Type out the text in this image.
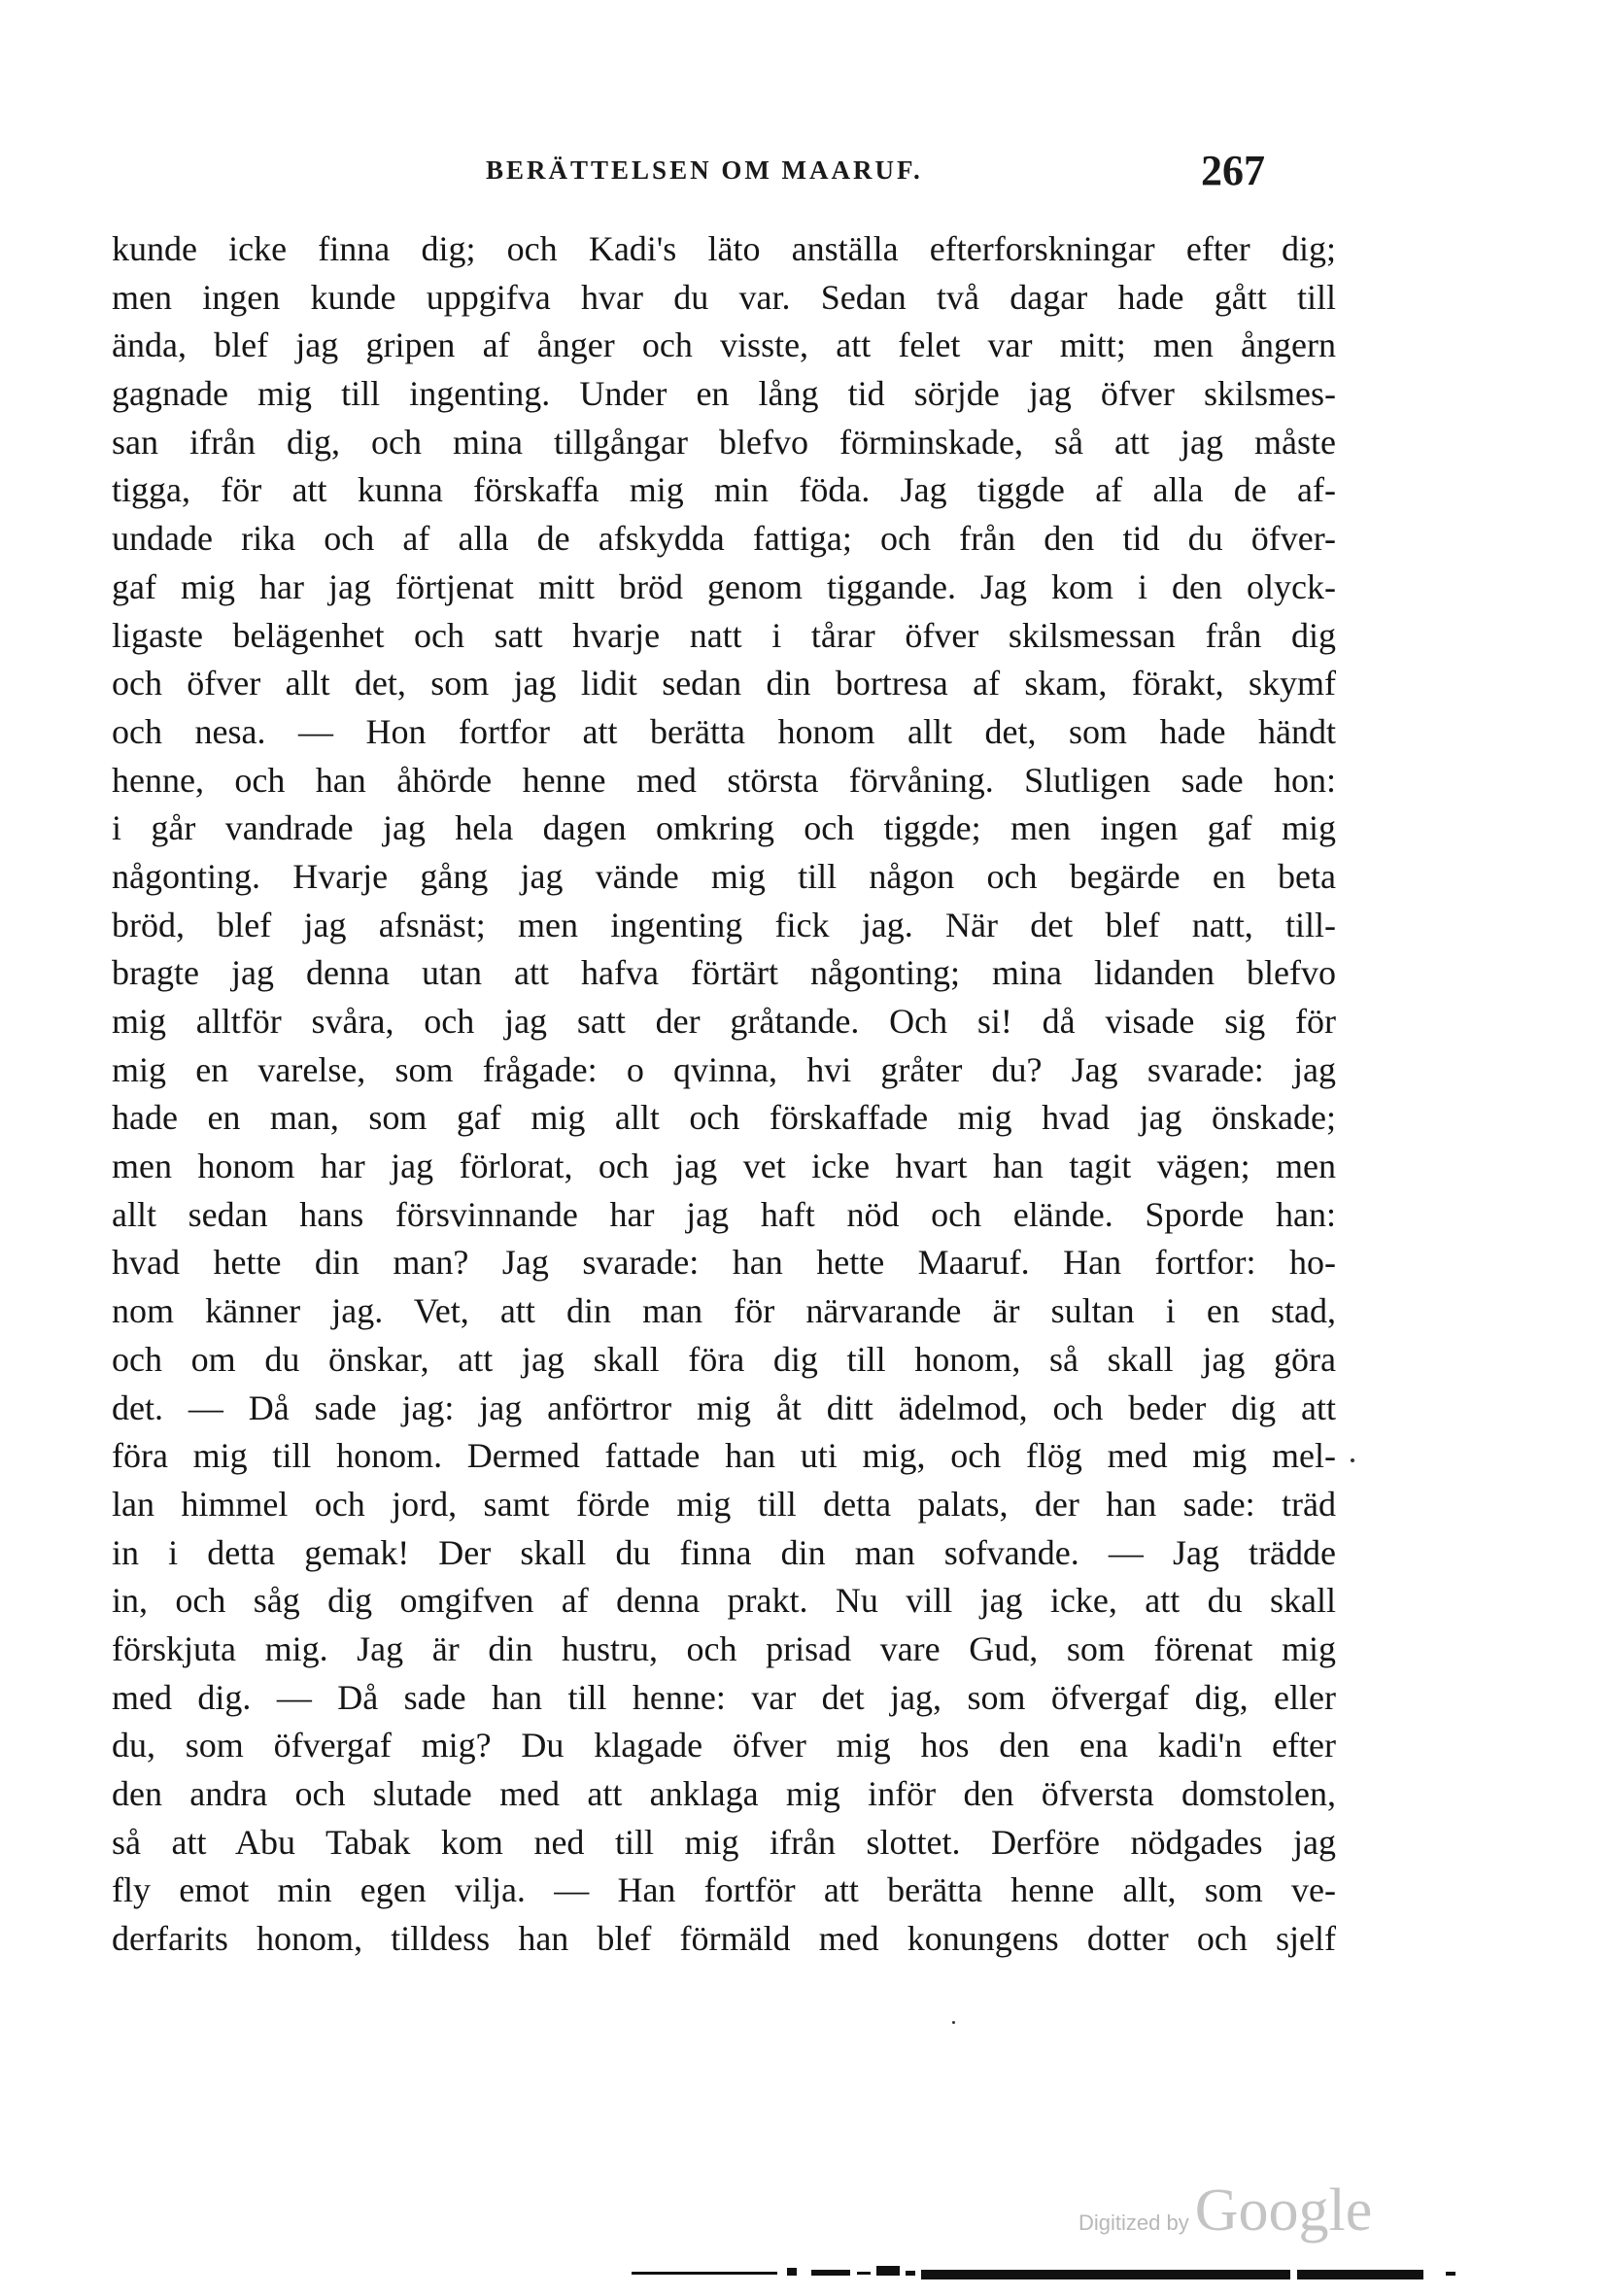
BERÄTTELSEN OM MAARUF.	267
kunde icke finna dig; och Kadi's läto anställa efterforskningar efter dig;
men ingen kunde uppgifva hvar du var. Sedan två dagar hade gått till
ända, blef jag gripen af ånger och visste, att felet var mitt; men ångern
gagnade mig till ingenting. Under en lång tid sörjde jag öfver skilsmes-
san ifrån dig, och mina tillgångar blefvo förminskade, så att jag måste
tigga, för att kunna förskaffa mig min föda. Jag tiggde af alla de af-
undade rika och af alla de afskydda fattiga; och från den tid du öfver-
gaf mig har jag förtjenat mitt bröd genom tiggande. Jag kom i den olyck-
ligaste belägenhet och satt hvarje natt i tårar öfver skilsmessan från dig
och öfver allt det, som jag lidit sedan din bortresa af skam, förakt, skymf
och nesa. — Hon fortfor att berätta honom allt det, som hade händt
henne, och han åhörde henne med största förvåning. Slutligen sade hon:
i går vandrade jag hela dagen omkring och tiggde; men ingen gaf mig
någonting. Hvarje gång jag vände mig till någon och begärde en beta
bröd, blef jag afsnäst; men ingenting fick jag. När det blef natt, till-
bragte jag denna utan att hafva förtärt någonting; mina lidanden blefvo
mig alltför svåra, och jag satt der gråtande. Och si! då visade sig för
mig en varelse, som frågade: o qvinna, hvi gråter du? Jag svarade: jag
hade en man, som gaf mig allt och förskaffade mig hvad jag önskade;
men honom har jag förlorat, och jag vet icke hvart han tagit vägen; men
allt sedan hans försvinnande har jag haft nöd och elände. Sporde han:
hvad hette din man? Jag svarade: han hette Maaruf. Han fortfor: ho-
nom känner jag. Vet, att din man för närvarande är sultan i en stad,
och om du önskar, att jag skall föra dig till honom, så skall jag göra
det. — Då sade jag: jag anförtror mig åt ditt ädelmod, och beder dig att
föra mig till honom. Dermed fattade han uti mig, och flög med mig mel-
lan himmel och jord, samt förde mig till detta palats, der han sade: träd
in i detta gemak! Der skall du finna din man sofvande. — Jag trädde
in, och såg dig omgifven af denna prakt. Nu vill jag icke, att du skall
förskjuta mig. Jag är din hustru, och prisad vare Gud, som förenat mig
med dig. — Då sade han till henne: var det jag, som öfvergaf dig, eller
du, som öfvergaf mig? Du klagade öfver mig hos den ena kadi'n efter
den andra och slutade med att anklaga mig inför den öfversta domstolen,
så att Abu Tabak kom ned till mig ifrån slottet. Derföre nödgades jag
fly emot min egen vilja. — Han fortför att berätta henne allt, som ve-
derfarits honom, tilldess han blef förmäld med konungens dotter och sjelf
Digitized by Google
